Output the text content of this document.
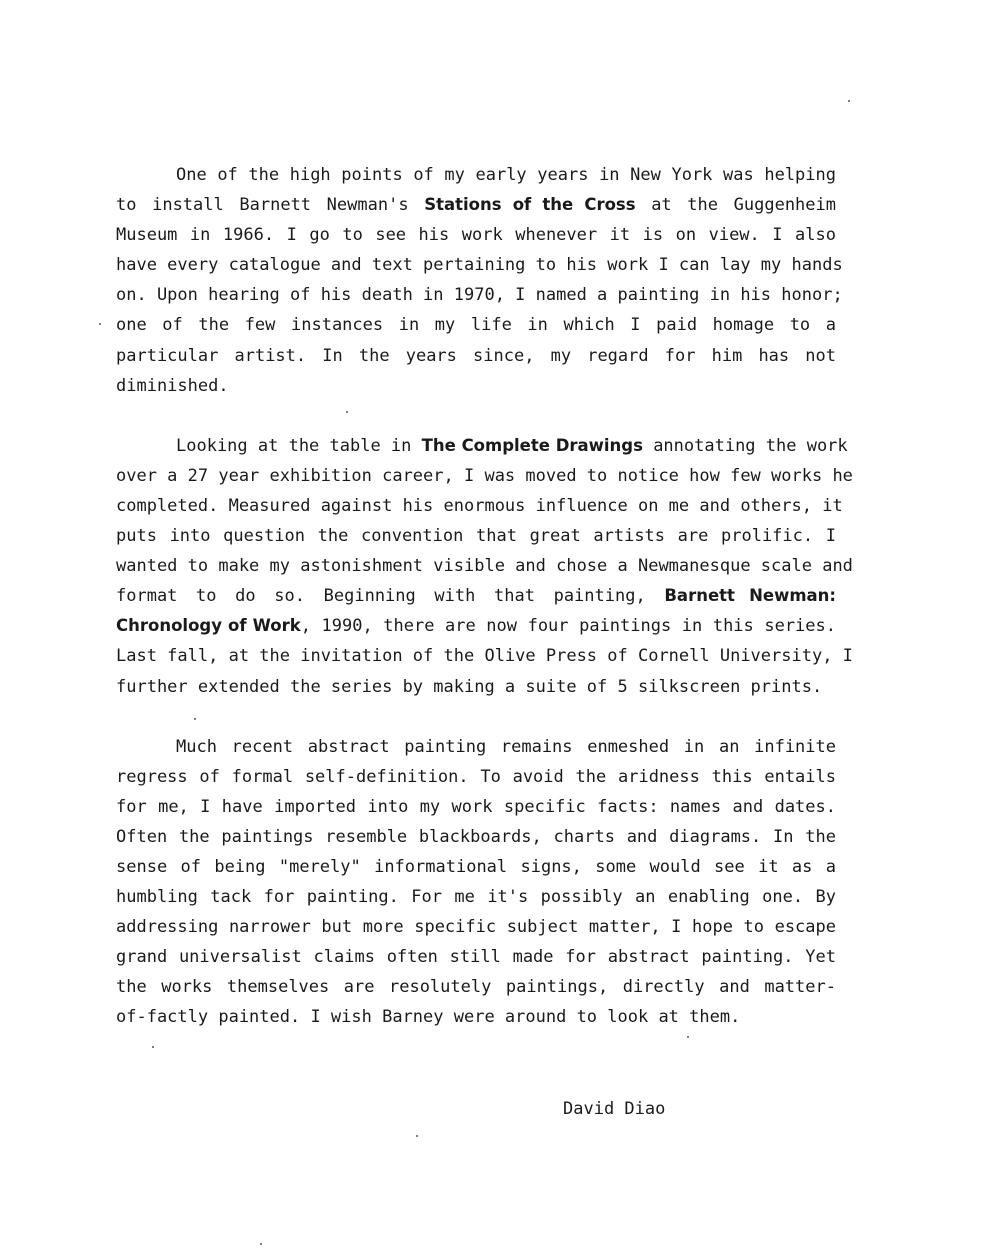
One of the high points of my early years in New York was helping
to install Barnett Newman's Stations of the Cross at the Guggenheim
Museum in 1966. I go to see his work whenever it is on view. I also
have every catalogue and text pertaining to his work I can lay my hands
on. Upon hearing of his death in 1970, I named a painting in his honor;
one of the few instances in my life in which I paid homage to a
particular artist. In the years since, my regard for him has not
diminished.
Looking at the table in The Complete Drawings annotating the work
over a 27 year exhibition career, I was moved to notice how few works he
completed. Measured against his enormous influence on me and others, it
puts into question the convention that great artists are prolific. I
wanted to make my astonishment visible and chose a Newmanesque scale and
format to do so. Beginning with that painting, Barnett Newman:
Chronology of Work, 1990, there are now four paintings in this series.
Last fall, at the invitation of the Olive Press of Cornell University, I
further extended the series by making a suite of 5 silkscreen prints.
Much recent abstract painting remains enmeshed in an infinite
regress of formal self-definition. To avoid the aridness this entails
for me, I have imported into my work specific facts: names and dates.
Often the paintings resemble blackboards, charts and diagrams. In the
sense of being "merely" informational signs, some would see it as a
humbling tack for painting. For me it's possibly an enabling one. By
addressing narrower but more specific subject matter, I hope to escape
grand universalist claims often still made for abstract painting. Yet
the works themselves are resolutely paintings, directly and matter-
of-factly painted. I wish Barney were around to look at them.
David Diao
